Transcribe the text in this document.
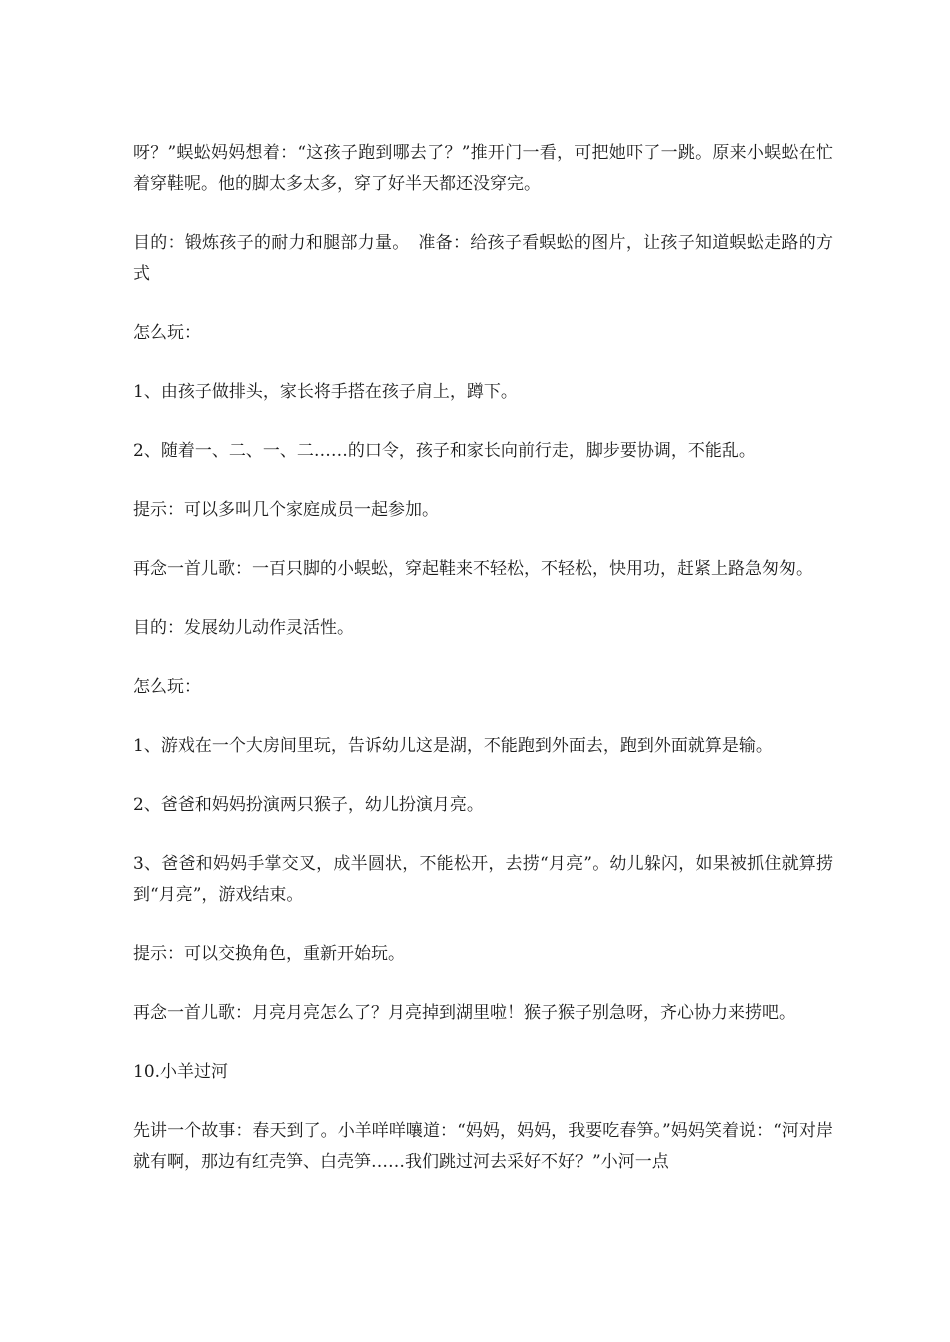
呀？”蜈蚣妈妈想着：“这孩子跑到哪去了？”推开门一看，可把她吓了一跳。原来小蜈蚣在忙着穿鞋呢。他的脚太多太多，穿了好半天都还没穿完。

目的：锻炼孩子的耐力和腿部力量。　准备：给孩子看蜈蚣的图片，让孩子知道蜈蚣走路的方式

怎么玩：

1、由孩子做排头，家长将手搭在孩子肩上，蹲下。

2、随着一、二、一、二……的口令，孩子和家长向前行走，脚步要协调，不能乱。

提示：可以多叫几个家庭成员一起参加。

再念一首儿歌：一百只脚的小蜈蚣，穿起鞋来不轻松，不轻松，快用功，赶紧上路急匆匆。

目的：发展幼儿动作灵活性。

怎么玩：

1、游戏在一个大房间里玩，告诉幼儿这是湖，不能跑到外面去，跑到外面就算是输。

2、爸爸和妈妈扮演两只猴子，幼儿扮演月亮。

3、爸爸和妈妈手掌交叉，成半圆状，不能松开，去捞“月亮”。幼儿躲闪，如果被抓住就算捞到“月亮”，游戏结束。

提示：可以交换角色，重新开始玩。

再念一首儿歌：月亮月亮怎么了？月亮掉到湖里啦！猴子猴子别急呀，齐心协力来捞吧。

10.小羊过河

先讲一个故事：春天到了。小羊咩咩嚷道：“妈妈，妈妈，我要吃春笋。”妈妈笑着说：“河对岸就有啊，那边有红壳笋、白壳笋……我们跳过河去采好不好？”小河一点
